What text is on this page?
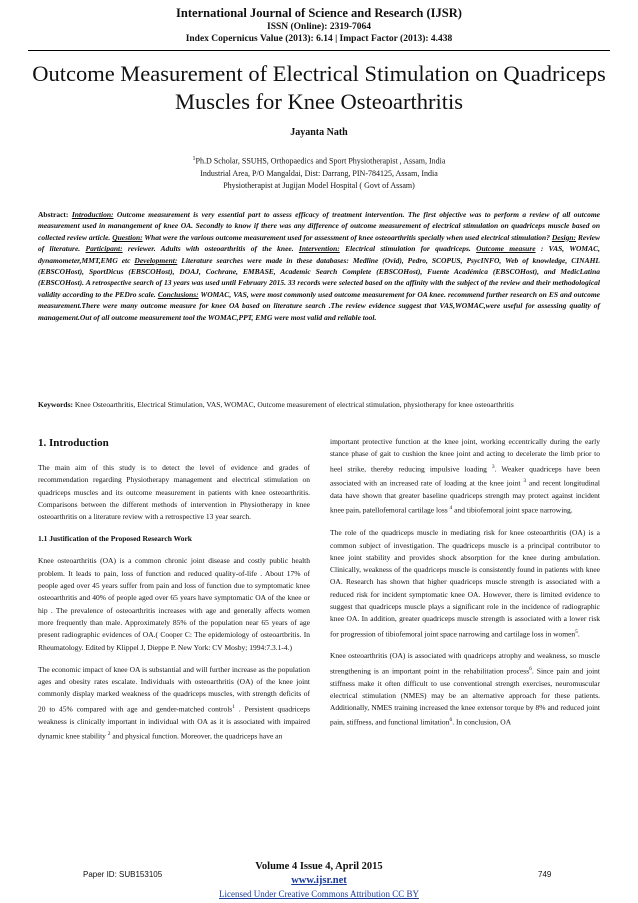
International Journal of Science and Research (IJSR)
ISSN (Online): 2319-7064
Index Copernicus Value (2013): 6.14 | Impact Factor (2013): 4.438
Outcome Measurement of Electrical Stimulation on Quadriceps Muscles for Knee Osteoarthritis
Jayanta Nath
$^1$Ph.D Scholar, SSUHS, Orthopaedics and Sport Physiotherapist , Assam, India
Industrial Area, P/O Mangaldai, Dist: Darrang, PIN-784125, Assam, India
Physiotherapist at Jugijan Model Hospital ( Govt of Assam)

Abstract: Introduction: Outcome measurement is very essential part to assess efficacy of treatment intervention. The first objective was to perform a review of all outcome measurement used in manangement of knee OA. Secondly to know if there was any difference of outcome measurement of electrical stimulation on quadriceps muscle based on collected review article. Question: What were the various outcome measurement used for assessment of knee osteoarthritis specially when used electrical stimulation? Design: Review of literature. Participant: reviewer. Adults with osteoarthritis of the knee. Intervention: Electrical stimulation for quadriceps. Outcome measure : VAS, WOMAC, dynamometer,MMT,EMG etc Development: Literature searches were made in these databases: Medline (Ovid), Pedro, SCOPUS, PsycINFO, Web of knowledge, CINAHL (EBSCOHost), SportDicus (EBSCOHost), DOAJ, Cochrane, EMBASE, Academic Search Complete (EBSCOHost), Fuente Académica (EBSCOHost), and MedicLatina (EBSCOHost). A retrospective search of 13 years was used until February 2015. 33 records were selected based on the affinity with the subject of the review and their methodological validity according to the PEDro scale. Conclusions: WOMAC, VAS, were most commonly used outcome measurement for OA knee. recommend further research on ES and outcome measurement.There were many outcome measure for knee OA based on literature search .The review evidence suggest that VAS,WOMAC,were useful for assessing quality of management.Out of all outcome measurement tool the WOMAC,PPT, EMG were most valid and reliable tool.

Keywords: Knee Osteoarthritis, Electrical Stimulation, VAS, WOMAC, Outcome measurement of electrical stimulation, physiotherapy for knee osteoarthritis

1. Introduction

The main aim of this study is to detect the level of evidence and grades of recommendation regarding Physiotherapy management and electrical stimulation on quadriceps muscles and its outcome measurement in patients with knee osteoarthritis. Comparisons between the different methods of intervention in Physiotherapy in knee osteoarthritis on a literature review with a retrospective 13 year search.

1.1 Justification of the Proposed Research Work

Knee osteoarthritis (OA) is a common chronic joint disease and costly public health problem. It leads to pain, loss of function and reduced quality-of-life . About 17% of people aged over 45 years suffer from pain and loss of function due to symptomatic knee osteoarthritis and 40% of people aged over 65 years have symptomatic OA of the knee or hip . The prevalence of osteoarthritis increases with age and generally affects women more frequently than male. Approximately 85% of the population near 65 years of age present radiographic evidences of OA.( Cooper C: The epidemiology of osteoartbritis. In Rheumatology. Edited by Klippel J, Dieppe P. New York: CV Mosby; 1994:7.3.1-4.)

The economic impact of knee OA is substantial and will further increase as the population ages and obesity rates escalate. Individuals with osteoarthritis (OA) of the knee joint commonly display marked weakness of the quadriceps muscles, with strength deficits of 20 to 45% compared with age and gender-matched controls$^1$ . Persistent quadriceps weakness is clinically important in individual with OA as it is associated with impaired dynamic knee stability $^2$ and physical function. Moreover, the quadriceps have an

important protective function at the knee joint, working eccentrically during the early stance phase of gait to cushion the knee joint and acting to decelerate the limb prior to heel strike, thereby reducing impulsive loading $^3$. Weaker quadriceps have been associated with an increased rate of loading at the knee joint $^3$ and recent longitudinal data have shown that greater baseline quadriceps strength may protect against incident knee pain, patellofemoral cartilage loss $^4$ and tibiofemoral joint space narrowing.

The role of the quadriceps muscle in mediating risk for knee osteoarthritis (OA) is a common subject of investigation. The quadriceps muscle is a principal contributor to knee joint stability and provides shock absorption for the knee during ambulation. Clinically, weakness of the quadriceps muscle is consistently found in patients with knee OA. Research has shown that higher quadriceps muscle strength is associated with a reduced risk for incident symptomatic knee OA. However, there is limited evidence to suggest that quadriceps muscle plays a significant role in the incidence of radiographic knee OA. In addition, greater quadriceps muscle strength is associated with a lower risk for progression of tibiofemoral joint space narrowing and cartilage loss in women$^5$.

Knee osteoarthritis (OA) is associated with quadriceps atrophy and weakness, so muscle strengthening is an important point in the rehabilitation process$^6$. Since pain and joint stiffness make it often difficult to use conventional strength exercises, neuromuscular electrical stimulation (NMES) may be an alternative approach for these patients. Additionally, NMES training increased the knee extensor torque by 8% and reduced joint pain, stiffness, and functional limitation$^6$. In conclusion, OA

Volume 4 Issue 4, April 2015
Paper ID: SUB153105	749
www.ijsr.net
Licensed Under Creative Commons Attribution CC BY
